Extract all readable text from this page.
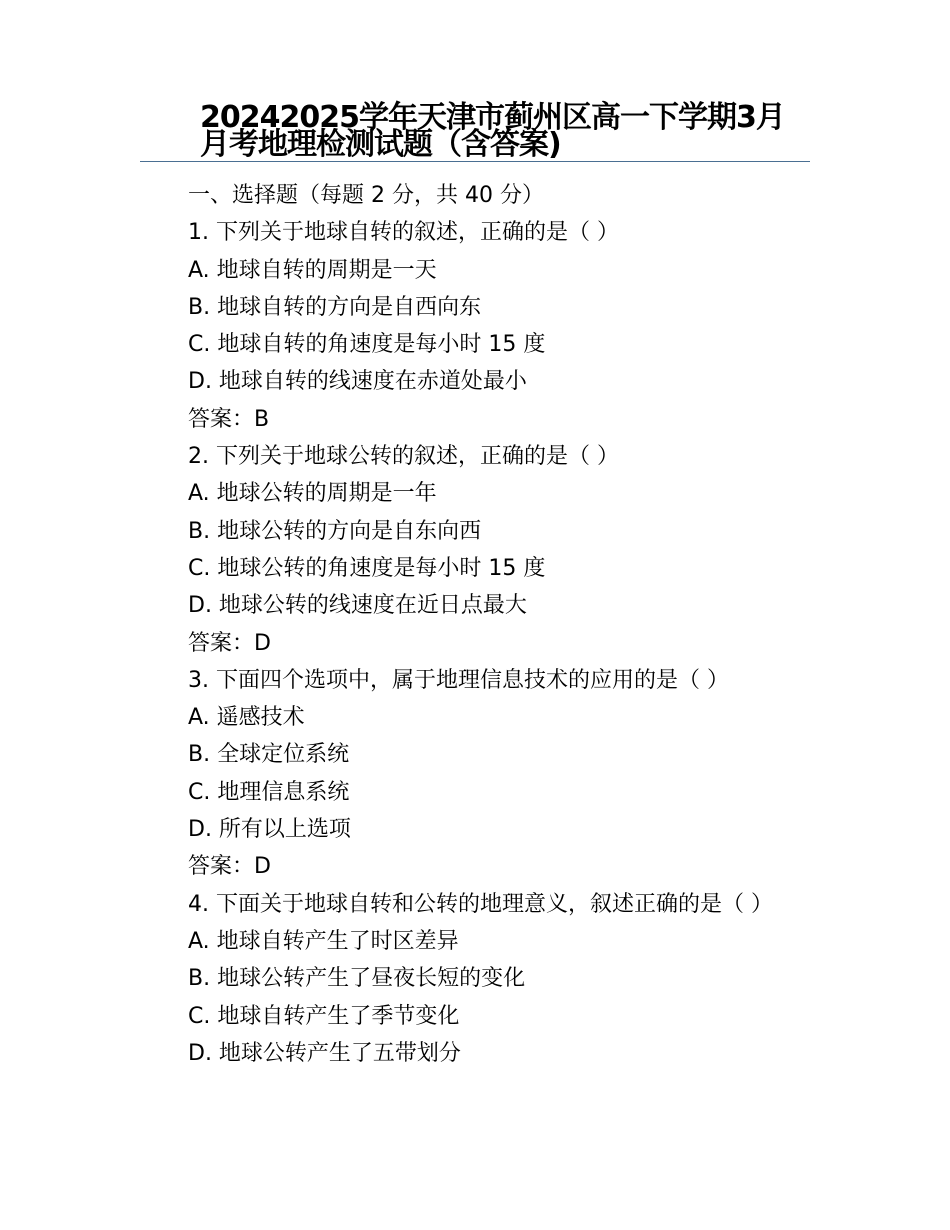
20242025学年天津市蓟州区高一下学期3月月考地理检测试题（含答案)

一、选择题（每题 2 分，共 40 分）

1. 下列关于地球自转的叙述，正确的是（ ）

A. 地球自转的周期是一天

B. 地球自转的方向是自西向东

C. 地球自转的角速度是每小时 15 度

D. 地球自转的线速度在赤道处最小

答案：B

2. 下列关于地球公转的叙述，正确的是（ ）

A. 地球公转的周期是一年

B. 地球公转的方向是自东向西

C. 地球公转的角速度是每小时 15 度

D. 地球公转的线速度在近日点最大

答案：D

3. 下面四个选项中，属于地理信息技术的应用的是（ ）

A. 遥感技术

B. 全球定位系统

C. 地理信息系统

D. 所有以上选项

答案：D

4. 下面关于地球自转和公转的地理意义，叙述正确的是（ ）

A. 地球自转产生了时区差异

B. 地球公转产生了昼夜长短的变化

C. 地球自转产生了季节变化

D. 地球公转产生了五带划分
